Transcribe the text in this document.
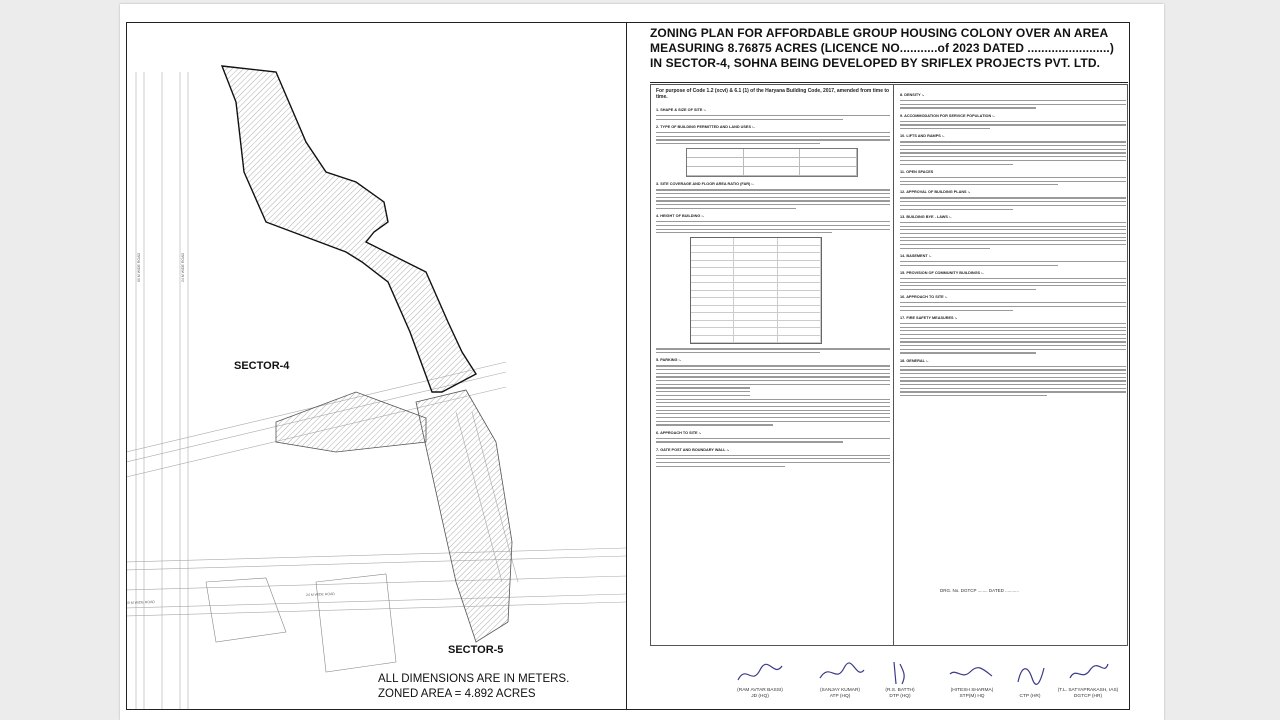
60 M WIDE ROAD	24 M WIDE ROAD
60 M WIDE ROAD
24 M WIDE ROAD
SECTOR-4
SECTOR-5
ALL DIMENSIONS ARE IN METERS.
ZONED AREA = 4.892 ACRES
ZONING PLAN FOR AFFORDABLE GROUP HOUSING COLONY OVER AN AREA
MEASURING 8.76875 ACRES (LICENCE NO...........of 2023 DATED ........................)
IN SECTOR-4, SOHNA BEING DEVELOPED BY SRIFLEX PROJECTS PVT. LTD.
For purpose of Code 1.2 (xcvi) & 6.1 (1) of the Haryana Building Code, 2017, amended from time to time.
1. SHAPE & SIZE OF SITE :-
2. TYPE OF BUILDING PERMITTED AND LAND USES :-
3. SITE COVERAGE AND FLOOR AREA RATIO (FAR) :-
4. HEIGHT OF BUILDING :-
5. PARKING :-
6. APPROACH TO SITE :-
7. GATE POST AND BOUNDARY WALL :-
8. DENSITY :-
9. ACCOMMODATION FOR SERVICE POPULATION :-
10. LIFTS AND RAMPS :-
11. OPEN SPACES
12. APPROVAL OF BUILDING PLANS :-
13. BUILDING BYE - LAWS :-
14. BASEMENT :-
15. PROVISION OF COMMUNITY BUILDINGS :-
16. APPROACH TO SITE :-
17. FIRE SAFETY MEASURES :-
18. GENERAL :-
DRG. No. DGTCP ........ DATED ...........
(RAM AVTAR BASSI)
JD (HQ)
(SANJAY KUMAR)
ATP (HQ)
(R.S. BATTH)
DTP (HQ)
(HITESH SHARMA)
STP(M) HQ	CTP (HR)
(T.L. SATYAPRAKASH, IAS)
DGTCP (HR)
